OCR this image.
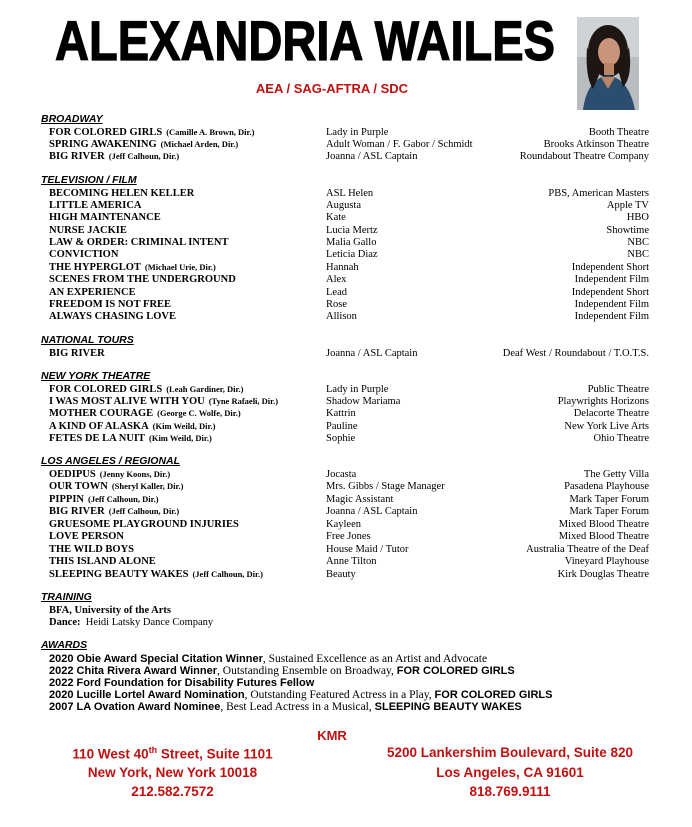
ALEXANDRIA WAILES
AEA / SAG-AFTRA / SDC
BROADWAY
FOR COLORED GIRLS (Camille A. Brown, Dir.)	Lady in Purple	Booth Theatre
SPRING AWAKENING (Michael Arden, Dir.)	Adult Woman / F. Gabor / Schmidt	Brooks Atkinson Theatre
BIG RIVER (Jeff Calhoun, Dir.)	Joanna / ASL Captain	Roundabout Theatre Company
TELEVISION / FILM
BECOMING HELEN KELLER	ASL Helen	PBS, American Masters
LITTLE AMERICA	Augusta	Apple TV
HIGH MAINTENANCE	Kate	HBO
NURSE JACKIE	Lucia Mertz	Showtime
LAW & ORDER: CRIMINAL INTENT	Malia Gallo	NBC
CONVICTION	Leticia Diaz	NBC
THE HYPERGLOT (Michael Urie, Dir.)	Hannah	Independent Short
SCENES FROM THE UNDERGROUND	Alex	Independent Film
AN EXPERIENCE	Lead	Independent Short
FREEDOM IS NOT FREE	Rose	Independent Film
ALWAYS CHASING LOVE	Allison	Independent Film
NATIONAL TOURS
BIG RIVER	Joanna / ASL Captain	Deaf West / Roundabout / T.O.T.S.
NEW YORK THEATRE
FOR COLORED GIRLS (Leah Gardiner, Dir.)	Lady in Purple	Public Theatre
I WAS MOST ALIVE WITH YOU (Tyne Rafaeli, Dir.)	Shadow Mariama	Playwrights Horizons
MOTHER COURAGE (George C. Wolfe, Dir.)	Kattrin	Delacorte Theatre
A KIND OF ALASKA (Kim Weild, Dir.)	Pauline	New York Live Arts
FETES DE LA NUIT (Kim Weild, Dir.)	Sophie	Ohio Theatre
LOS ANGELES / REGIONAL
OEDIPUS (Jenny Koons, Dir.)	Jocasta	The Getty Villa
OUR TOWN (Sheryl Kaller, Dir.)	Mrs. Gibbs / Stage Manager	Pasadena Playhouse
PIPPIN (Jeff Calhoun, Dir.)	Magic Assistant	Mark Taper Forum
BIG RIVER (Jeff Calhoun, Dir.)	Joanna / ASL Captain	Mark Taper Forum
GRUESOME PLAYGROUND INJURIES	Kayleen	Mixed Blood Theatre
LOVE PERSON	Free Jones	Mixed Blood Theatre
THE WILD BOYS	House Maid / Tutor	Australia Theatre of the Deaf
THIS ISLAND ALONE	Anne Tilton	Vineyard Playhouse
SLEEPING BEAUTY WAKES (Jeff Calhoun, Dir.)	Beauty	Kirk Douglas Theatre
TRAINING
BFA, University of the Arts
Dance: Heidi Latsky Dance Company
AWARDS
2020 Obie Award Special Citation Winner, Sustained Excellence as an Artist and Advocate
2022 Chita Rivera Award Winner, Outstanding Ensemble on Broadway, FOR COLORED GIRLS
2022 Ford Foundation for Disability Futures Fellow
2020 Lucille Lortel Award Nomination, Outstanding Featured Actress in a Play, FOR COLORED GIRLS
2007 LA Ovation Award Nominee, Best Lead Actress in a Musical, SLEEPING BEAUTY WAKES
KMR
110 West 40th Street, Suite 1101
New York, New York 10018
212.582.7572
5200 Lankershim Boulevard, Suite 820
Los Angeles, CA 91601
818.769.9111
